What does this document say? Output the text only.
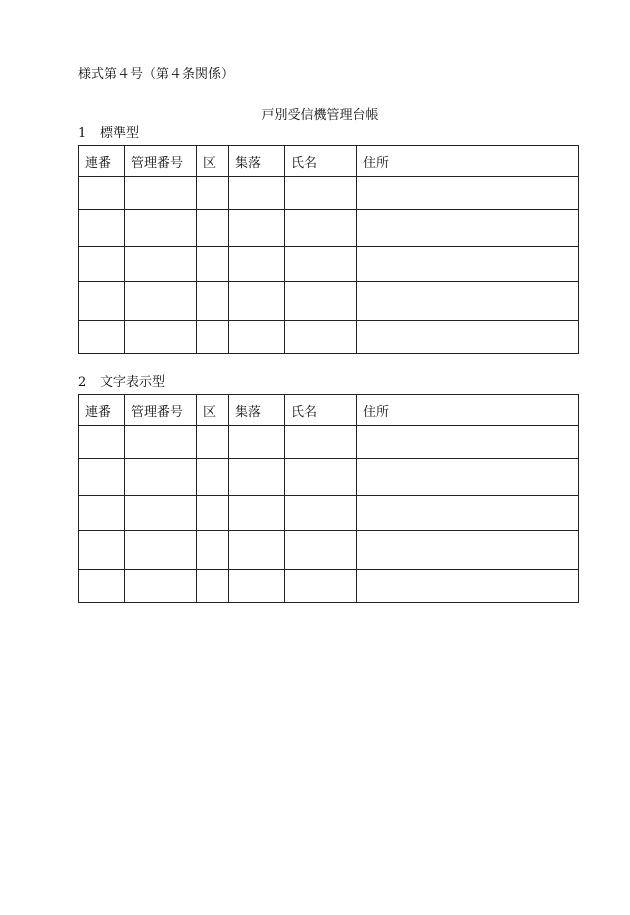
様式第４号（第４条関係）
戸別受信機管理台帳
1 標準型
連番	管理番号	区	集落	氏名	住所

2 文字表示型
連番	管理番号	区	集落	氏名	住所
